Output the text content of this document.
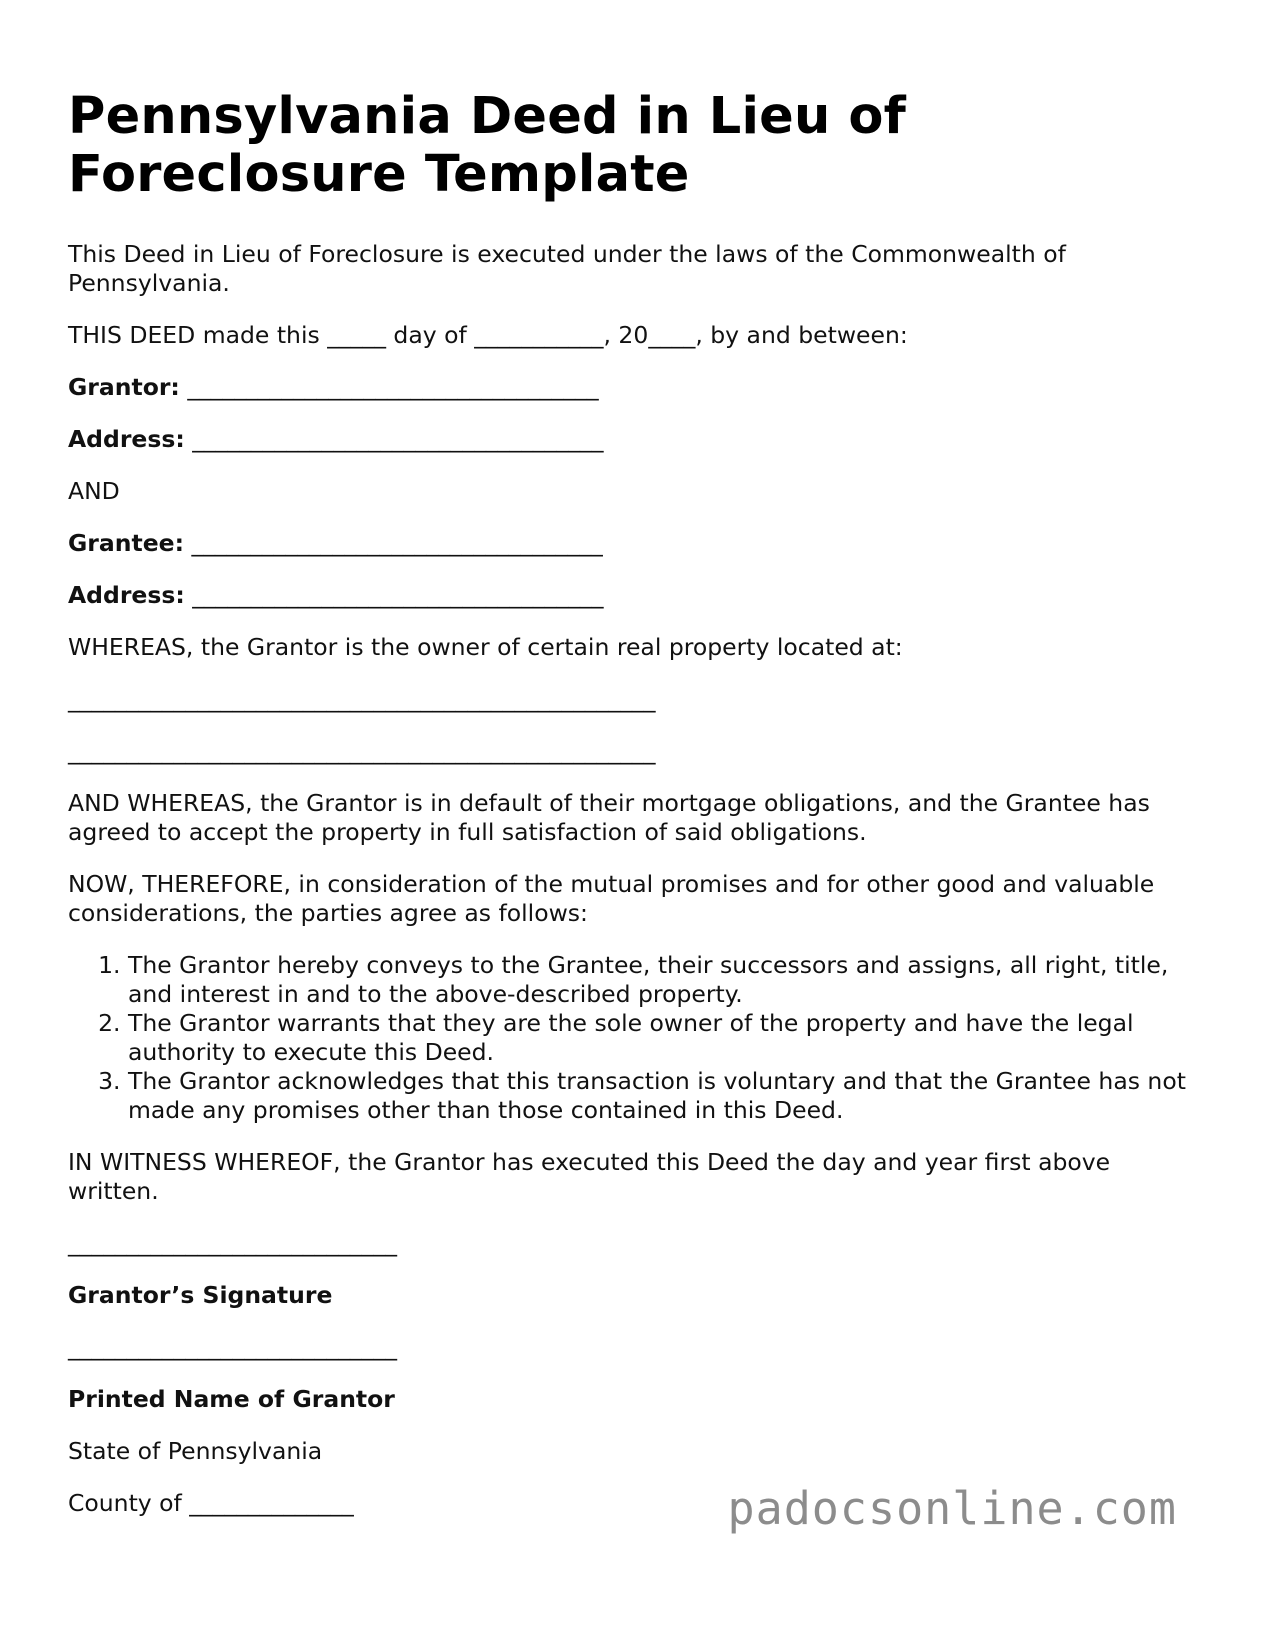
Pennsylvania Deed in Lieu of Foreclosure Template

This Deed in Lieu of Foreclosure is executed under the laws of the Commonwealth of Pennsylvania.

THIS DEED made this _____ day of ___________, 20____, by and between:

Grantor: ___________________________________

Address: ___________________________________

AND

Grantee: ___________________________________

Address: ___________________________________

WHEREAS, the Grantor is the owner of certain real property located at:

__________________________________________________

__________________________________________________

AND WHEREAS, the Grantor is in default of their mortgage obligations, and the Grantee has agreed to accept the property in full satisfaction of said obligations.

NOW, THEREFORE, in consideration of the mutual promises and for other good and valuable considerations, the parties agree as follows:

1. The Grantor hereby conveys to the Grantee, their successors and assigns, all right, title, and interest in and to the above-described property.
2. The Grantor warrants that they are the sole owner of the property and have the legal authority to execute this Deed.
3. The Grantor acknowledges that this transaction is voluntary and that the Grantee has not made any promises other than those contained in this Deed.

IN WITNESS WHEREOF, the Grantor has executed this Deed the day and year first above written.

____________________________

Grantor’s Signature

____________________________

Printed Name of Grantor

State of Pennsylvania

County of ______________	padocsonline.com
